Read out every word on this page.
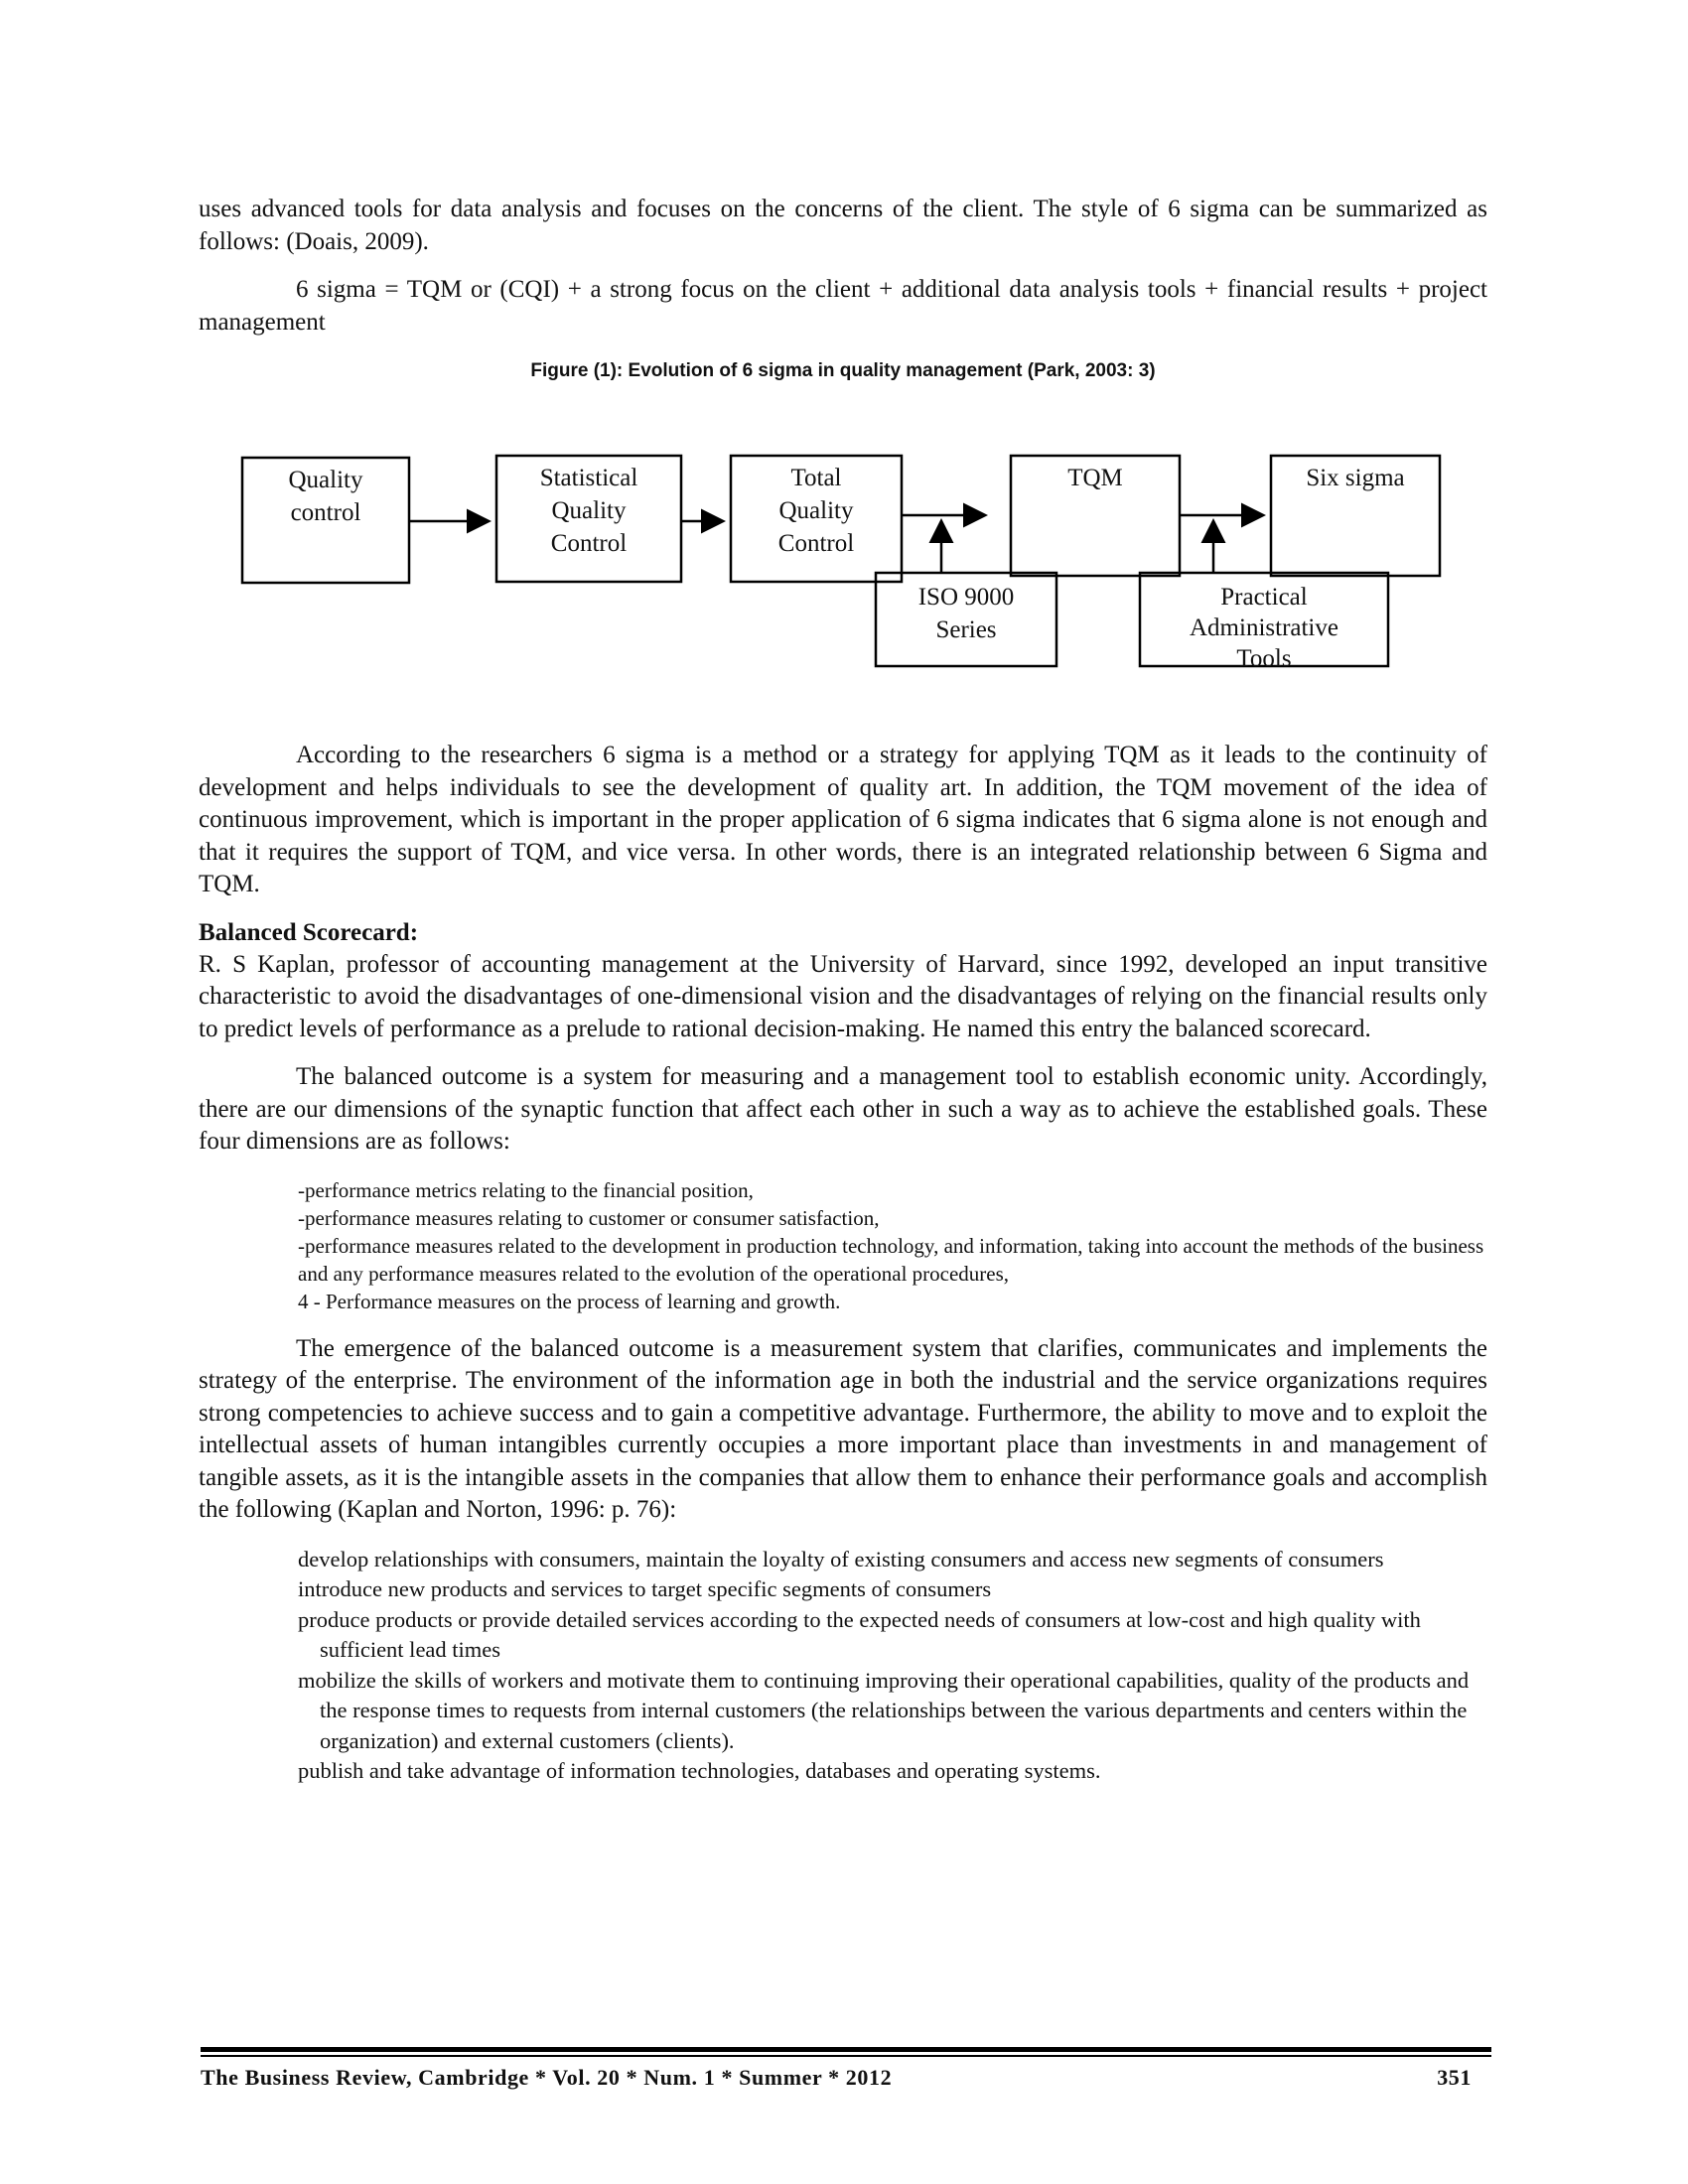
uses advanced tools for data analysis and focuses on the concerns of the client. The style of 6 sigma can be summarized as follows: (Doais, 2009).

6 sigma = TQM or (CQI) + a strong focus on the client + additional data analysis tools + financial results + project management

Figure (1): Evolution of 6 sigma in quality management (Park, 2003: 3)

Quality
control
Statistical
Quality
Control
Total
Quality
Control
TQM	Six sigma
ISO 9000
Series
Practical
Administrative
Tools

According to the researchers 6 sigma is a method or a strategy for applying TQM as it leads to the continuity of development and helps individuals to see the development of quality art. In addition, the TQM movement of the idea of continuous improvement, which is important in the proper application of 6 sigma indicates that 6 sigma alone is not enough and that it requires the support of TQM, and vice versa. In other words, there is an integrated relationship between 6 Sigma and TQM.

Balanced Scorecard:

R. S Kaplan, professor of accounting management at the University of Harvard, since 1992, developed an input transitive characteristic to avoid the disadvantages of one-dimensional vision and the disadvantages of relying on the financial results only to predict levels of performance as a prelude to rational decision-making. He named this entry the balanced scorecard.

The balanced outcome is a system for measuring and a management tool to establish economic unity. Accordingly, there are our dimensions of the synaptic function that affect each other in such a way as to achieve the established goals. These four dimensions are as follows:

-performance metrics relating to the financial position,
-performance measures relating to customer or consumer satisfaction,
-performance measures related to the development in production technology, and information, taking into account the methods of the business and any performance measures related to the evolution of the operational procedures,
4 - Performance measures on the process of learning and growth.

The emergence of the balanced outcome is a measurement system that clarifies, communicates and implements the strategy of the enterprise. The environment of the information age in both the industrial and the service organizations requires strong competencies to achieve success and to gain a competitive advantage. Furthermore, the ability to move and to exploit the intellectual assets of human intangibles currently occupies a more important place than investments in and management of tangible assets, as it is the intangible assets in the companies that allow them to enhance their performance goals and accomplish the following (Kaplan and Norton, 1996: p. 76):

develop relationships with consumers, maintain the loyalty of existing consumers and access new segments of consumers
introduce new products and services to target specific segments of consumers
produce products or provide detailed services according to the expected needs of consumers at low-cost and high quality with sufficient lead times
mobilize the skills of workers and motivate them to continuing improving their operational capabilities, quality of the products and the response times to requests from internal customers (the relationships between the various departments and centers within the organization) and external customers (clients).
publish and take advantage of information technologies, databases and operating systems.
The Business Review, Cambridge * Vol. 20 * Num. 1 * Summer * 2012	351
